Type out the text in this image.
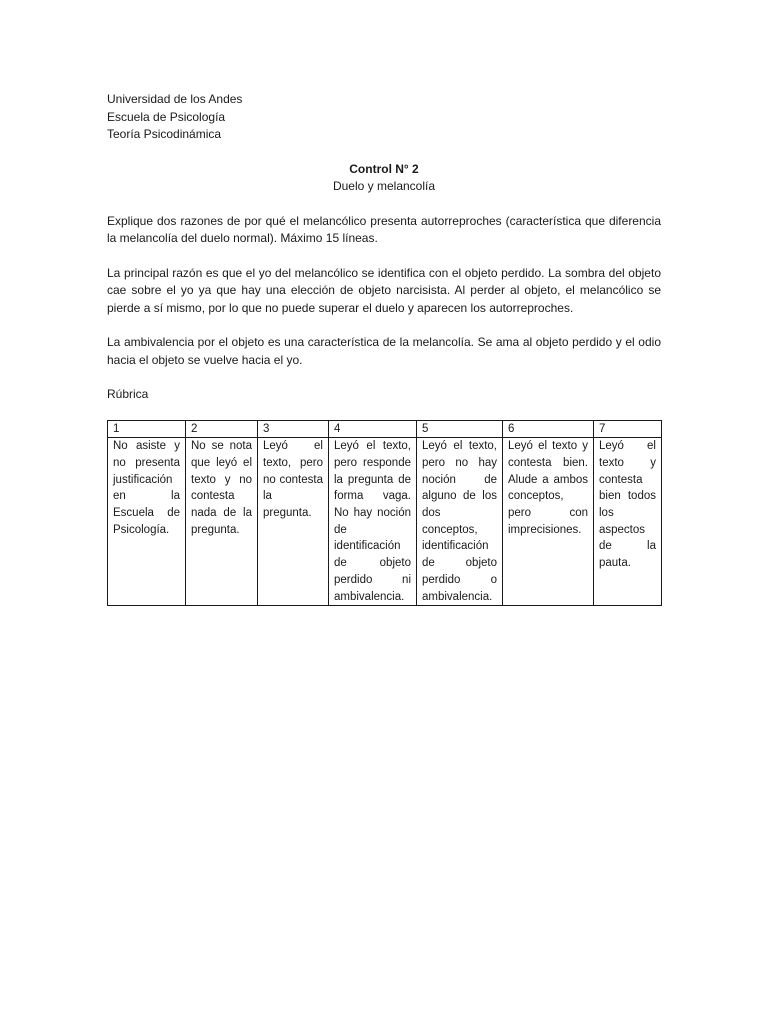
Universidad de los Andes

Escuela de Psicología

Teoría Psicodinámica

Control N° 2

Duelo y melancolía

Explique dos razones de por qué el melancólico presenta autorreproches (característica que diferencia la melancolía del duelo normal). Máximo 15 líneas.

La principal razón es que el yo del melancólico se identifica con el objeto perdido. La sombra del objeto cae sobre el yo ya que hay una elección de objeto narcisista. Al perder al objeto, el melancólico se pierde a sí mismo, por lo que no puede superar el duelo y aparecen los autorreproches.

La ambivalencia por el objeto es una característica de la melancolía. Se ama al objeto perdido y el odio hacia el objeto se vuelve hacia el yo.

Rúbrica

1	2	3	4	5	6	7
No asiste y no presenta justificación en la Escuela de Psicología.	No se nota que leyó el texto y no contesta nada de la pregunta.	Leyó el texto, pero no contesta la pregunta.	Leyó el texto, pero responde la pregunta de forma vaga. No hay noción de identificación de objeto perdido ni ambivalencia.	Leyó el texto, pero no hay noción de alguno de los dos conceptos, identificación de objeto perdido o ambivalencia.	Leyó el texto y contesta bien. Alude a ambos conceptos, pero con imprecisiones.	Leyó el texto y contesta bien todos los aspectos de la pauta.
